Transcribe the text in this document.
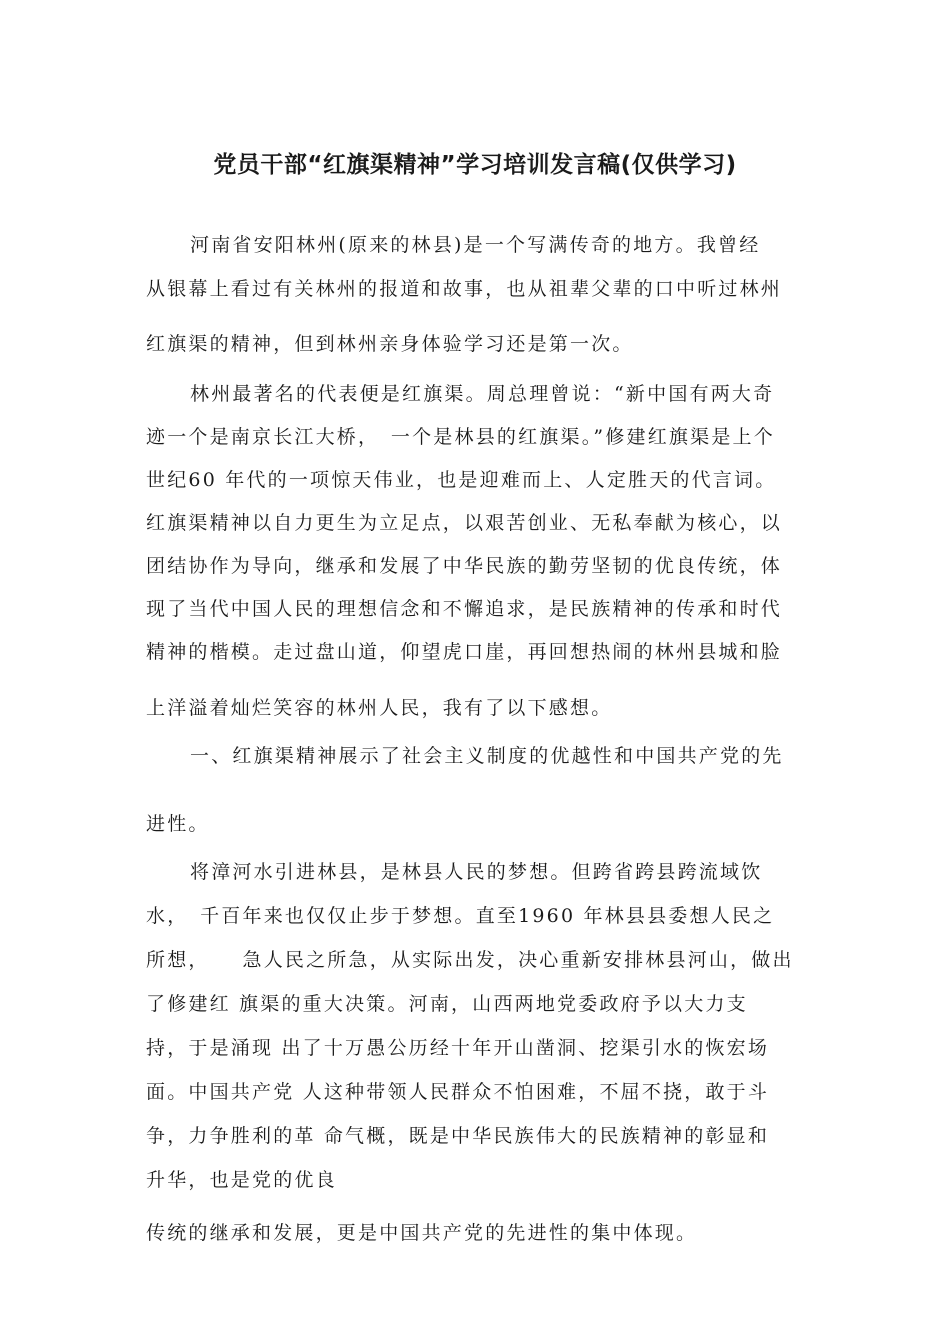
党员干部“红旗渠精神”学习培训发言稿(仅供学习)
河南省安阳林州(原来的林县)是一个写满传奇的地方。我曾经
从银幕上看过有关林州的报道和故事，也从祖辈父辈的口中听过林州
红旗渠的精神，但到林州亲身体验学习还是第一次。
林州最著名的代表便是红旗渠。周总理曾说：“新中国有两大奇
迹一个是南京长江大桥，　一个是林县的红旗渠。”修建红旗渠是上个
世纪60 年代的一项惊天伟业，也是迎难而上、人定胜天的代言词。
红旗渠精神以自力更生为立足点，以艰苦创业、无私奉献为核心，以
团结协作为导向，继承和发展了中华民族的勤劳坚韧的优良传统，体
现了当代中国人民的理想信念和不懈追求，是民族精神的传承和时代
精神的楷模。走过盘山道，仰望虎口崖，再回想热闹的林州县城和脸
上洋溢着灿烂笑容的林州人民，我有了以下感想。
一、红旗渠精神展示了社会主义制度的优越性和中国共产党的先
进性。
将漳河水引进林县，是林县人民的梦想。但跨省跨县跨流域饮
水，　千百年来也仅仅止步于梦想。直至1960 年林县县委想人民之
所想，　　急人民之所急，从实际出发，决心重新安排林县河山，做出
了修建红 旗渠的重大决策。河南，山西两地党委政府予以大力支
持，于是涌现 出了十万愚公历经十年开山凿洞、挖渠引水的恢宏场
面。中国共产党 人这种带领人民群众不怕困难，不屈不挠，敢于斗
争，力争胜利的革 命气概，既是中华民族伟大的民族精神的彰显和
升华，也是党的优良
传统的继承和发展，更是中国共产党的先进性的集中体现。
